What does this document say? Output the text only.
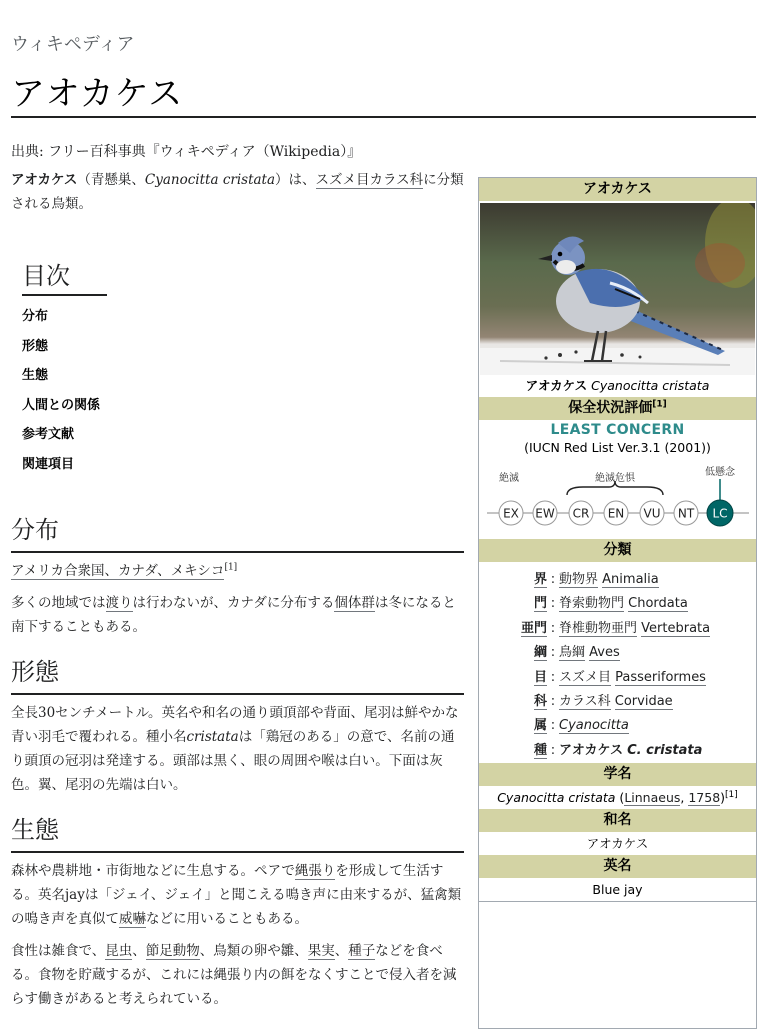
ウィキペディア
アオカケス
出典: フリー百科事典『ウィキペディア（Wikipedia）』

アオカケス（青懸巣、Cyanocitta cristata）は、スズメ目カラス科に分類される鳥類。

目次
分布
形態
生態
人間との関係
参考文献
関連項目
分布

アメリカ合衆国、カナダ、メキシコ[1]

多くの地域では渡りは行わないが、カナダに分布する個体群は冬になると南下することもある。

形態

全長30センチメートル。英名や和名の通り頭頂部や背面、尾羽は鮮やかな青い羽毛で覆われる。種小名cristataは「鶏冠のある」の意で、名前の通り頭頂の冠羽は発達する。頭部は黒く、眼の周囲や喉は白い。下面は灰色。翼、尾羽の先端は白い。

生態

森林や農耕地・市街地などに生息する。ペアで縄張りを形成して生活する。英名jayは「ジェイ、ジェイ」と聞こえる鳴き声に由来するが、猛禽類の鳴き声を真似て威嚇などに用いることもある。

食性は雑食で、昆虫、節足動物、鳥類の卵や雛、果実、種子などを食べる。食物を貯蔵するが、これには縄張り内の餌をなくすことで侵入者を減らす働きがあると考えられている。

アオカケス
アオカケス Cyanocitta cristata
保全状況評価[1]
LEAST CONCERN
(IUCN Red List Ver.3.1 (2001))
絶滅	絶滅危惧
低懸念
EX EW CR EN VU NT LC
分類
界 : 動物界 Animalia
門 : 脊索動物門 Chordata
亜門 : 脊椎動物亜門 Vertebrata
綱 : 鳥綱 Aves
目 : スズメ目 Passeriformes
科 : カラス科 Corvidae
属 : Cyanocitta
種 : アオカケス C. cristata
学名
Cyanocitta cristata (Linnaeus, 1758)[1]
和名
アオカケス
英名
Blue jay
